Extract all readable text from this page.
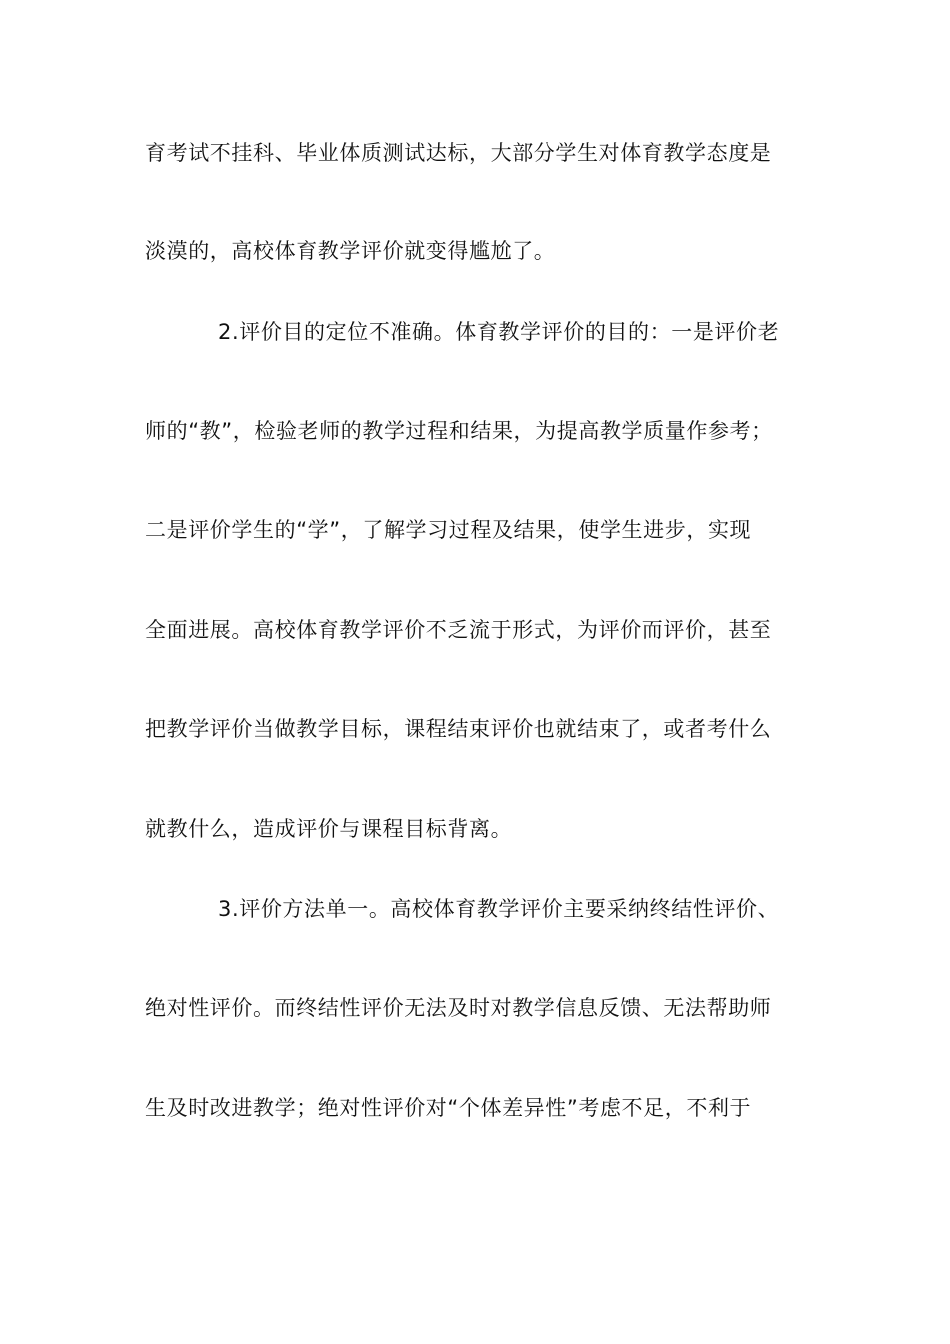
育考试不挂科、毕业体质测试达标，大部分学生对体育教学态度是
淡漠的，高校体育教学评价就变得尴尬了。
2.评价目的定位不准确。体育教学评价的目的：一是评价老
师的“教”，检验老师的教学过程和结果，为提高教学质量作参考；
二是评价学生的“学”，了解学习过程及结果，使学生进步，实现
全面进展。高校体育教学评价不乏流于形式，为评价而评价，甚至
把教学评价当做教学目标，课程结束评价也就结束了，或者考什么
就教什么，造成评价与课程目标背离。
3.评价方法单一。高校体育教学评价主要采纳终结性评价、
绝对性评价。而终结性评价无法及时对教学信息反馈、无法帮助师
生及时改进教学；绝对性评价对“个体差异性”考虑不足，不利于
